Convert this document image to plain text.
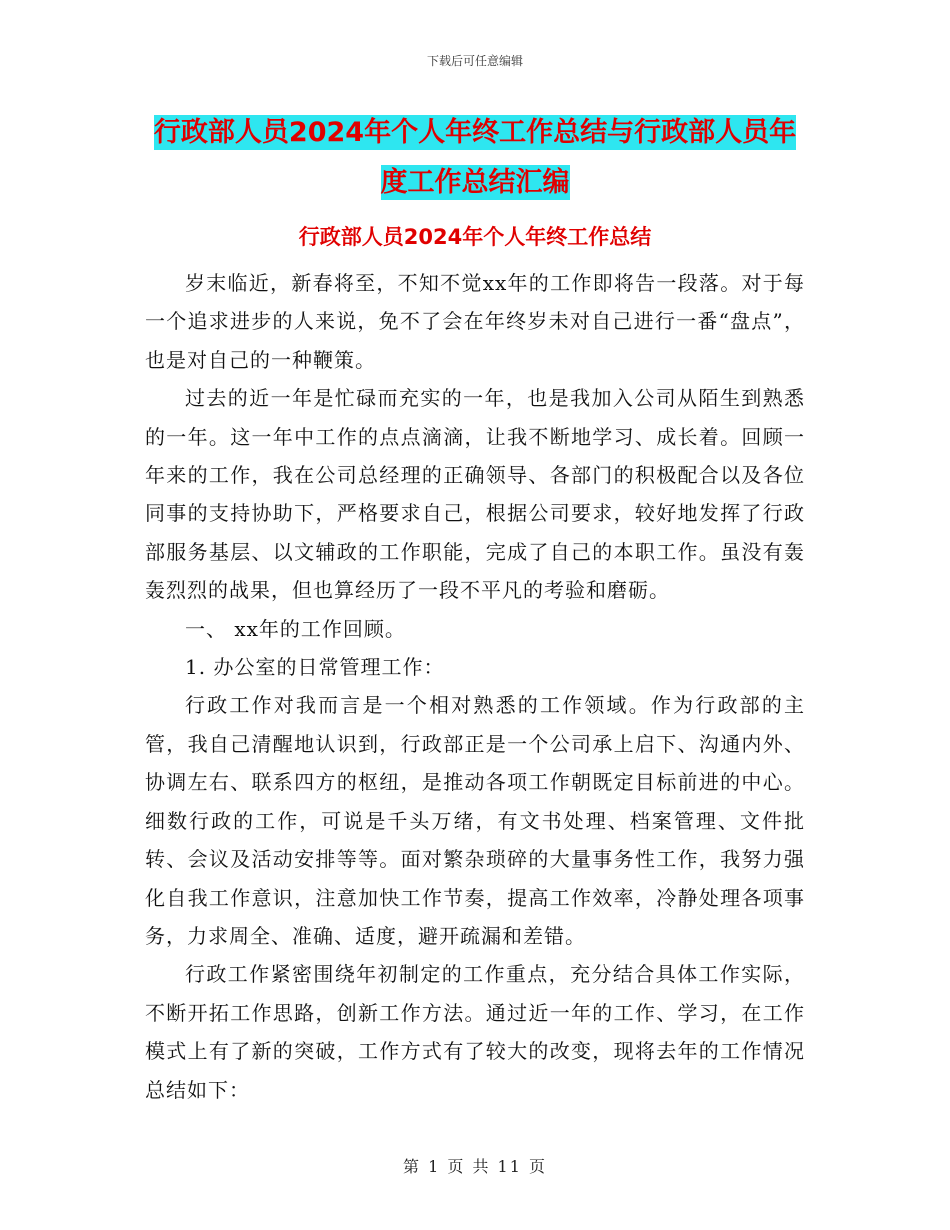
下载后可任意编辑
行政部人员2024年个人年终工作总结与行政部人员年
度工作总结汇编
行政部人员2024年个人年终工作总结

岁末临近，新春将至，不知不觉xx年的工作即将告一段落。对于每一个追求进步的人来说，免不了会在年终岁未对自己进行一番“盘点”，也是对自己的一种鞭策。

过去的近一年是忙碌而充实的一年，也是我加入公司从陌生到熟悉的一年。这一年中工作的点点滴滴，让我不断地学习、成长着。回顾一年来的工作，我在公司总经理的正确领导、各部门的积极配合以及各位同事的支持协助下，严格要求自己，根据公司要求，较好地发挥了行政部服务基层、以文辅政的工作职能，完成了自己的本职工作。虽没有轰轰烈烈的战果，但也算经历了一段不平凡的考验和磨砺。

一、 xx年的工作回顾。

1. 办公室的日常管理工作：

行政工作对我而言是一个相对熟悉的工作领域。作为行政部的主管，我自己清醒地认识到，行政部正是一个公司承上启下、沟通内外、协调左右、联系四方的枢纽，是推动各项工作朝既定目标前进的中心。细数行政的工作，可说是千头万绪，有文书处理、档案管理、文件批转、会议及活动安排等等。面对繁杂琐碎的大量事务性工作，我努力强化自我工作意识，注意加快工作节奏，提高工作效率，冷静处理各项事务，力求周全、准确、适度，避开疏漏和差错。

行政工作紧密围绕年初制定的工作重点，充分结合具体工作实际，不断开拓工作思路，创新工作方法。通过近一年的工作、学习，在工作模式上有了新的突破，工作方式有了较大的改变，现将去年的工作情况总结如下：

第 1 页 共 11 页
